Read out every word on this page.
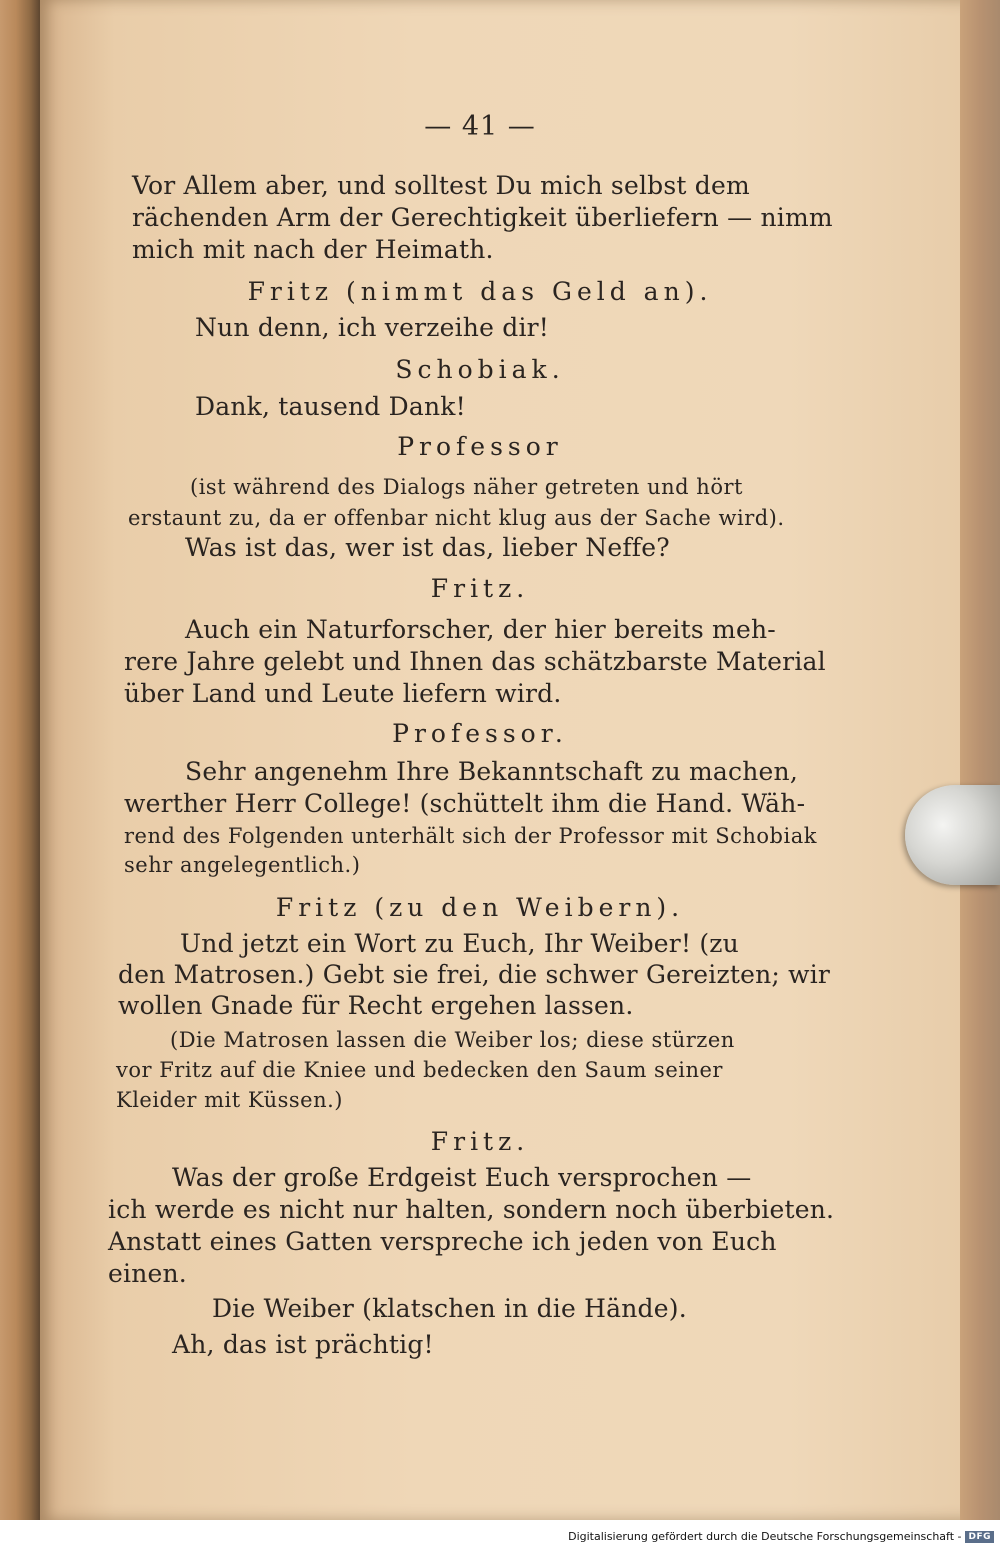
— 41 —
Vor Allem aber, und solltest Du mich selbst dem
rächenden Arm der Gerechtigkeit überliefern — nimm
mich mit nach der Heimath.
Fritz (nimmt das Geld an).
Nun denn, ich verzeihe dir!
Schobiak.
Dank, tausend Dank!
Professor
(ist während des Dialogs näher getreten und hört
erstaunt zu, da er offenbar nicht klug aus der Sache wird).
Was ist das, wer ist das, lieber Neffe?
Fritz.
Auch ein Naturforscher, der hier bereits meh-
rere Jahre gelebt und Ihnen das schätzbarste Material
über Land und Leute liefern wird.
Professor.
Sehr angenehm Ihre Bekanntschaft zu machen,
werther Herr College! (schüttelt ihm die Hand. Wäh-
rend des Folgenden unterhält sich der Professor mit Schobiak
sehr angelegentlich.)
Fritz (zu den Weibern).
Und jetzt ein Wort zu Euch, Ihr Weiber! (zu
den Matrosen.) Gebt sie frei, die schwer Gereizten; wir
wollen Gnade für Recht ergehen lassen.
(Die Matrosen lassen die Weiber los; diese stürzen
vor Fritz auf die Kniee und bedecken den Saum seiner
Kleider mit Küssen.)
Fritz.
Was der große Erdgeist Euch versprochen —
ich werde es nicht nur halten, sondern noch überbieten.
Anstatt eines Gatten verspreche ich jeden von Euch
einen.
Die Weiber (klatschen in die Hände).
Ah, das ist prächtig!
Digitalisierung gefördert durch die Deutsche Forschungsgemeinschaft - DFG
